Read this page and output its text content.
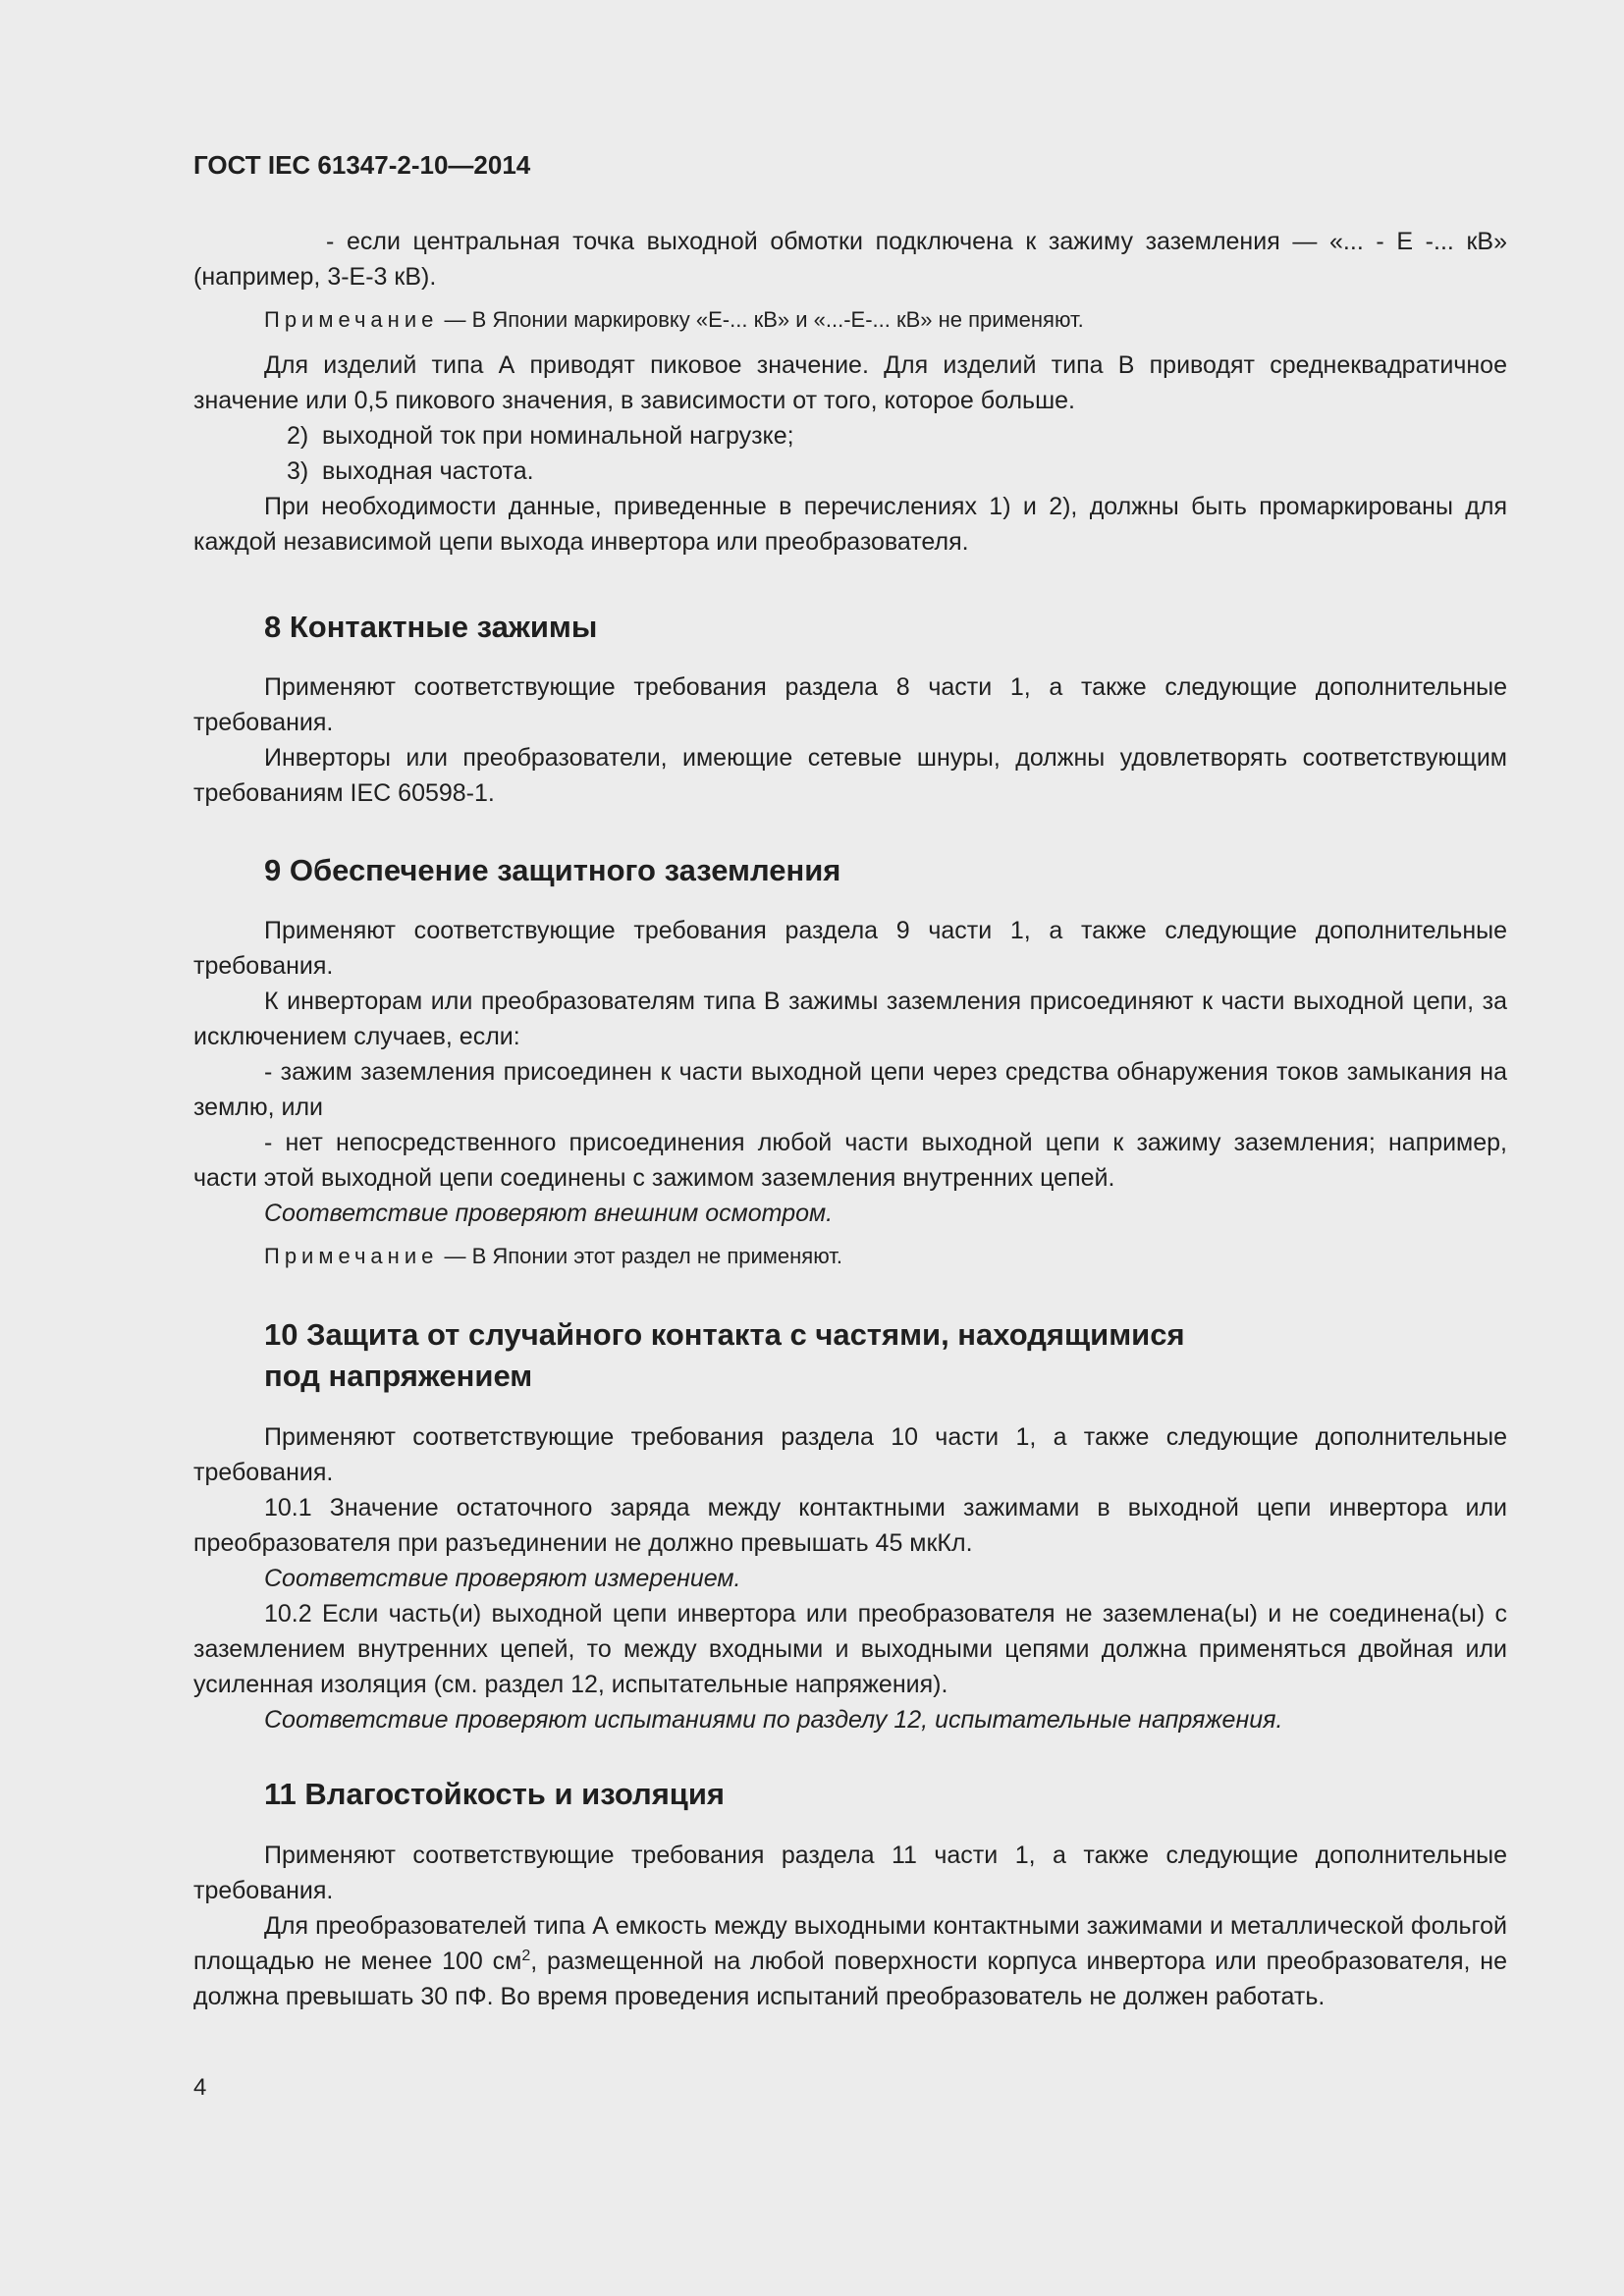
ГОСТ IEC 61347-2-10—2014

- если центральная точка выходной обмотки подключена к зажиму заземления — «... - Е -... кВ» (например, 3-Е-3 кВ).

Примечание — В Японии маркировку «Е-... кВ» и «...-Е-... кВ» не применяют.

Для изделий типа А приводят пиковое значение. Для изделий типа В приводят среднеквадратичное значение или 0,5 пикового значения, в зависимости от того, которое больше.

2) выходной ток при номинальной нагрузке;

3) выходная частота.

При необходимости данные, приведенные в перечислениях 1) и 2), должны быть промаркированы для каждой независимой цепи выхода инвертора или преобразователя.

8 Контактные зажимы

Применяют соответствующие требования раздела 8 части 1, а также следующие дополнительные требования.

Инверторы или преобразователи, имеющие сетевые шнуры, должны удовлетворять соответствующим требованиям IEC 60598-1.

9 Обеспечение защитного заземления

Применяют соответствующие требования раздела 9 части 1, а также следующие дополнительные требования.

К инверторам или преобразователям типа В зажимы заземления присоединяют к части выходной цепи, за исключением случаев, если:

- зажим заземления присоединен к части выходной цепи через средства обнаружения токов замыкания на землю, или

- нет непосредственного присоединения любой части выходной цепи к зажиму заземления; например, части этой выходной цепи соединены с зажимом заземления внутренних цепей.

Соответствие проверяют внешним осмотром.

Примечание — В Японии этот раздел не применяют.

10 Защита от случайного контакта с частями, находящимися
под напряжением

Применяют соответствующие требования раздела 10 части 1, а также следующие дополнительные требования.

10.1 Значение остаточного заряда между контактными зажимами в выходной цепи инвертора или преобразователя при разъединении не должно превышать 45 мкКл.

Соответствие проверяют измерением.

10.2 Если часть(и) выходной цепи инвертора или преобразователя не заземлена(ы) и не соединена(ы) с заземлением внутренних цепей, то между входными и выходными цепями должна применяться двойная или усиленная изоляция (см. раздел 12, испытательные напряжения).

Соответствие проверяют испытаниями по разделу 12, испытательные напряжения.

11 Влагостойкость и изоляция

Применяют соответствующие требования раздела 11 части 1, а также следующие дополнительные требования.

Для преобразователей типа А емкость между выходными контактными зажимами и металлической фольгой площадью не менее 100 $см^2$, размещенной на любой поверхности корпуса инвертора или преобразователя, не должна превышать 30 пФ. Во время проведения испытаний преобразователь не должен работать.

4
